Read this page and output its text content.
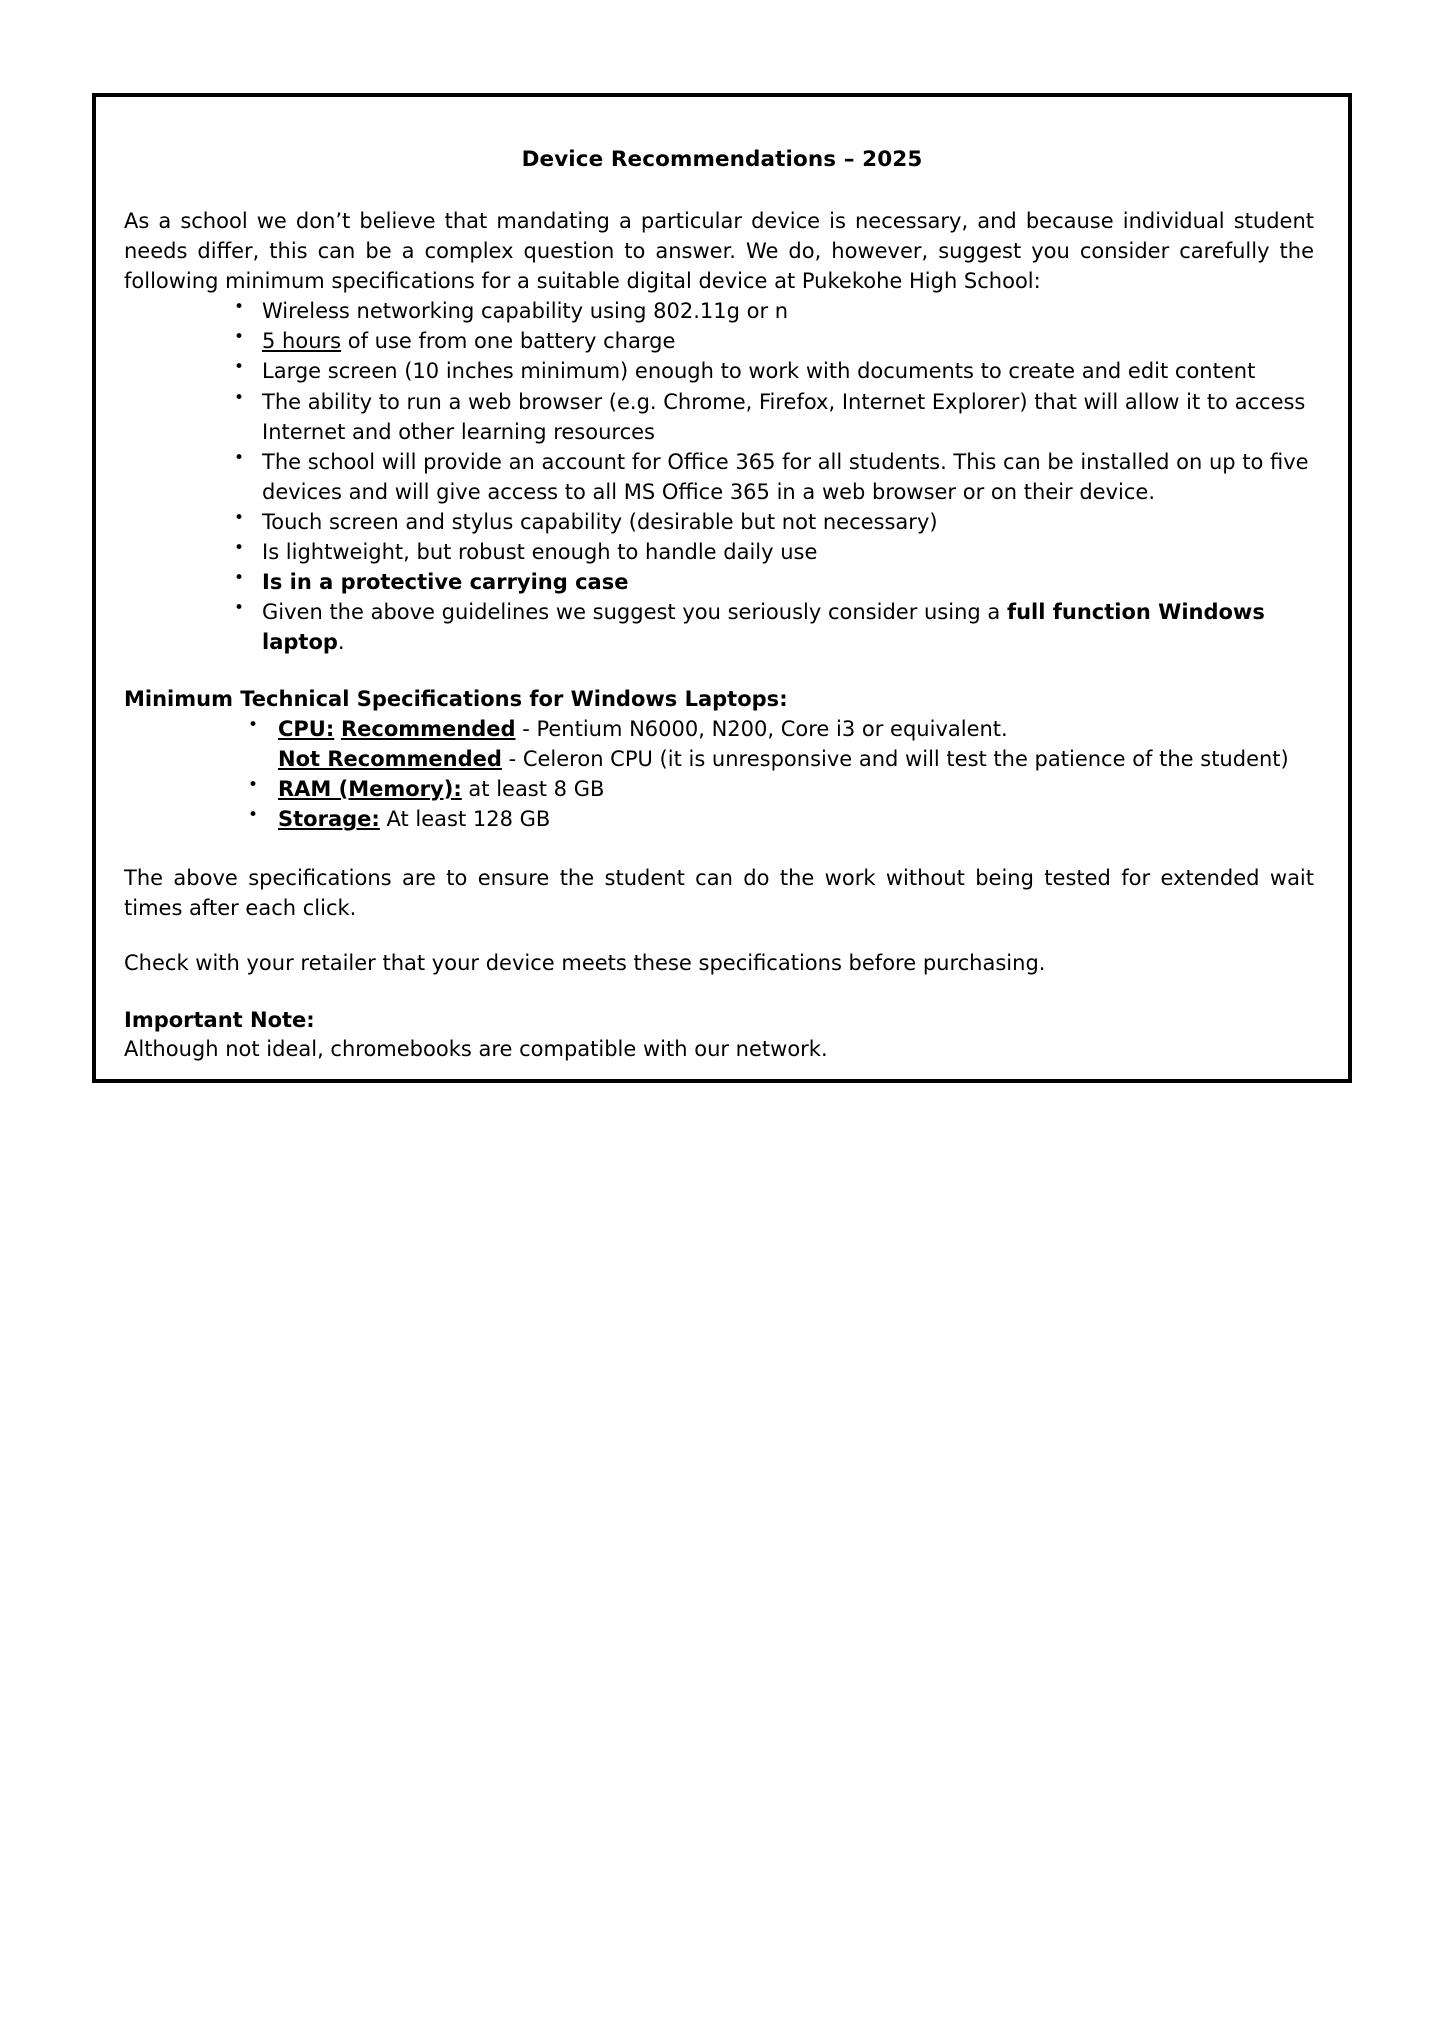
Device Recommendations – 2025

As a school we don’t believe that mandating a particular device is necessary, and because individual student needs differ, this can be a complex question to answer. We do, however, suggest you consider carefully the following minimum specifications for a suitable digital device at Pukekohe High School:

• Wireless networking capability using 802.11g or n
• 5 hours of use from one battery charge
• Large screen (10 inches minimum) enough to work with documents to create and edit content
• The ability to run a web browser (e.g. Chrome, Firefox, Internet Explorer) that will allow it to access Internet and other learning resources
• The school will provide an account for Office 365 for all students. This can be installed on up to five devices and will give access to all MS Office 365 in a web browser or on their device.
• Touch screen and stylus capability (desirable but not necessary)
• Is lightweight, but robust enough to handle daily use
• Is in a protective carrying case
• Given the above guidelines we suggest you seriously consider using a full function Windows laptop.

Minimum Technical Specifications for Windows Laptops:

• CPU: Recommended - Pentium N6000, N200, Core i3 or equivalent.
Not Recommended - Celeron CPU (it is unresponsive and will test the patience of the student)
• RAM (Memory): at least 8 GB
• Storage: At least 128 GB

The above specifications are to ensure the student can do the work without being tested for extended wait times after each click.

Check with your retailer that your device meets these specifications before purchasing.

Important Note:

Although not ideal, chromebooks are compatible with our network.
